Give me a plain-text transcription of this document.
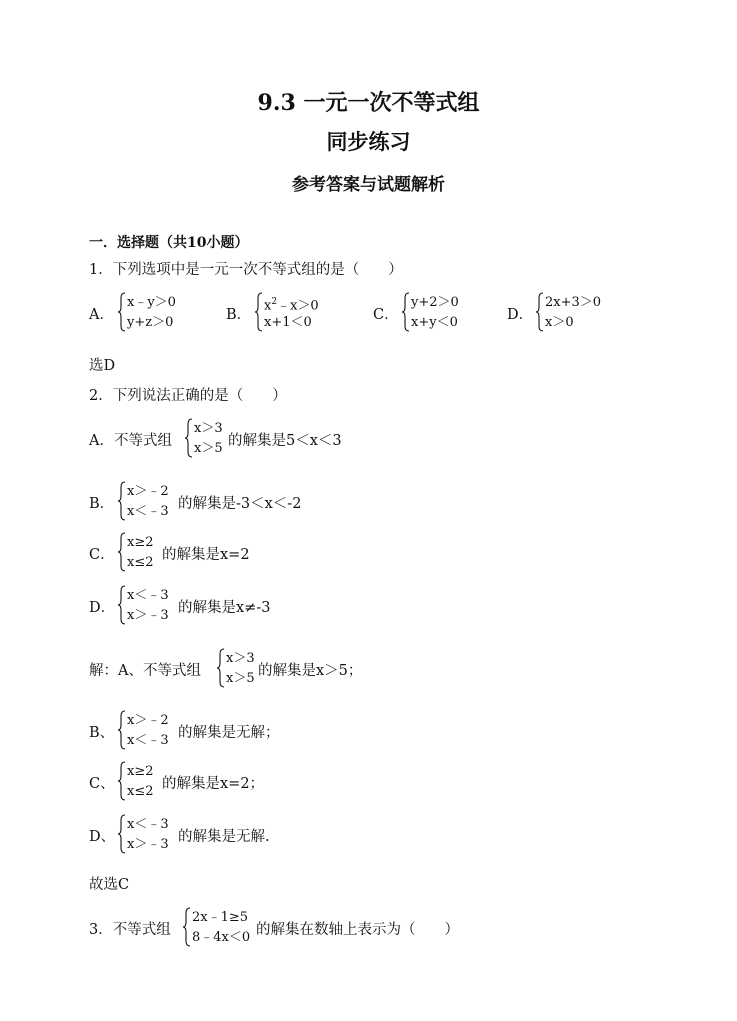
9.3 一元一次不等式组
同步练习
参考答案与试题解析
一．选择题（共10小题）
1．下列选项中是一元一次不等式组的是（　　）
A．
x﹣y＞0
y+z＞0	B．
$x^2﹣x>0$
x+1＜0	C．
y+2＞0
x+y＜0	D．
2x+3＞0
x＞0
选D
2．下列说法正确的是（　　）
A．不等式组
x＞3
x＞5 的解集是5＜x＜3
B．
x＞﹣2
x＜﹣3 的解集是-3＜x＜-2
C．
x≥2
x≤2 的解集是x=2
D．
x＜﹣3
x＞﹣3 的解集是x≠-3
解：A、不等式组
x＞3
x＞5 的解集是x＞5；
B、
x＞﹣2
x＜﹣3 的解集是无解；
C、
x≥2
x≤2 的解集是x=2；
D、
x＜﹣3
x＞﹣3 的解集是无解.
故选C
3．不等式组
2x﹣1≥5
8﹣4x＜0 的解集在数轴上表示为（　　）
